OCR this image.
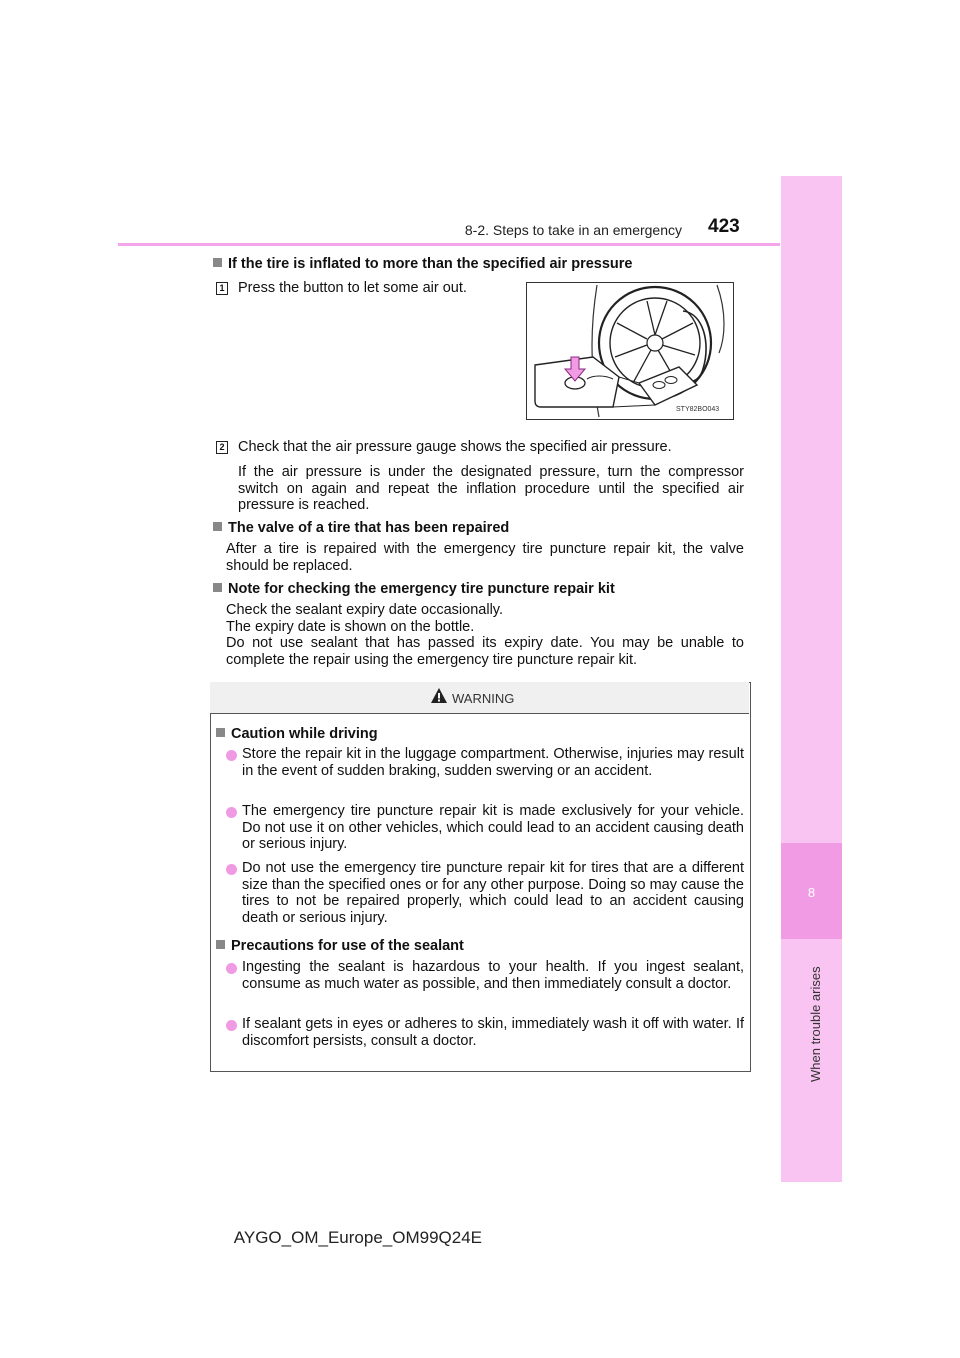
8
When trouble arises
8-2. Steps to take in an emergency 423
If the tire is inflated to more than the specified air pressure
1 Press the button to let some air out.
STY82BO043
2 Check that the air pressure gauge shows the specified air pressure.
If the air pressure is under the designated pressure, turn the compressor switch on again and repeat the inflation procedure until the specified air pressure is reached.
The valve of a tire that has been repaired
After a tire is repaired with the emergency tire puncture repair kit, the valve should be replaced.
Note for checking the emergency tire puncture repair kit
Check the sealant expiry date occasionally.
The expiry date is shown on the bottle.
Do not use sealant that has passed its expiry date. You may be unable to complete the repair using the emergency tire puncture repair kit.
WARNING
Caution while driving
Store the repair kit in the luggage compartment. Otherwise, injuries may result in the event of sudden braking, sudden swerving or an accident.
The emergency tire puncture repair kit is made exclusively for your vehicle. Do not use it on other vehicles, which could lead to an accident causing death or serious injury.
Do not use the emergency tire puncture repair kit for tires that are a different size than the specified ones or for any other purpose. Doing so may cause the tires to not be repaired properly, which could lead to an accident causing death or serious injury.
Precautions for use of the sealant
Ingesting the sealant is hazardous to your health. If you ingest sealant, consume as much water as possible, and then immediately consult a doctor.
If sealant gets in eyes or adheres to skin, immediately wash it off with water. If discomfort persists, consult a doctor.
AYGO_OM_Europe_OM99Q24E
